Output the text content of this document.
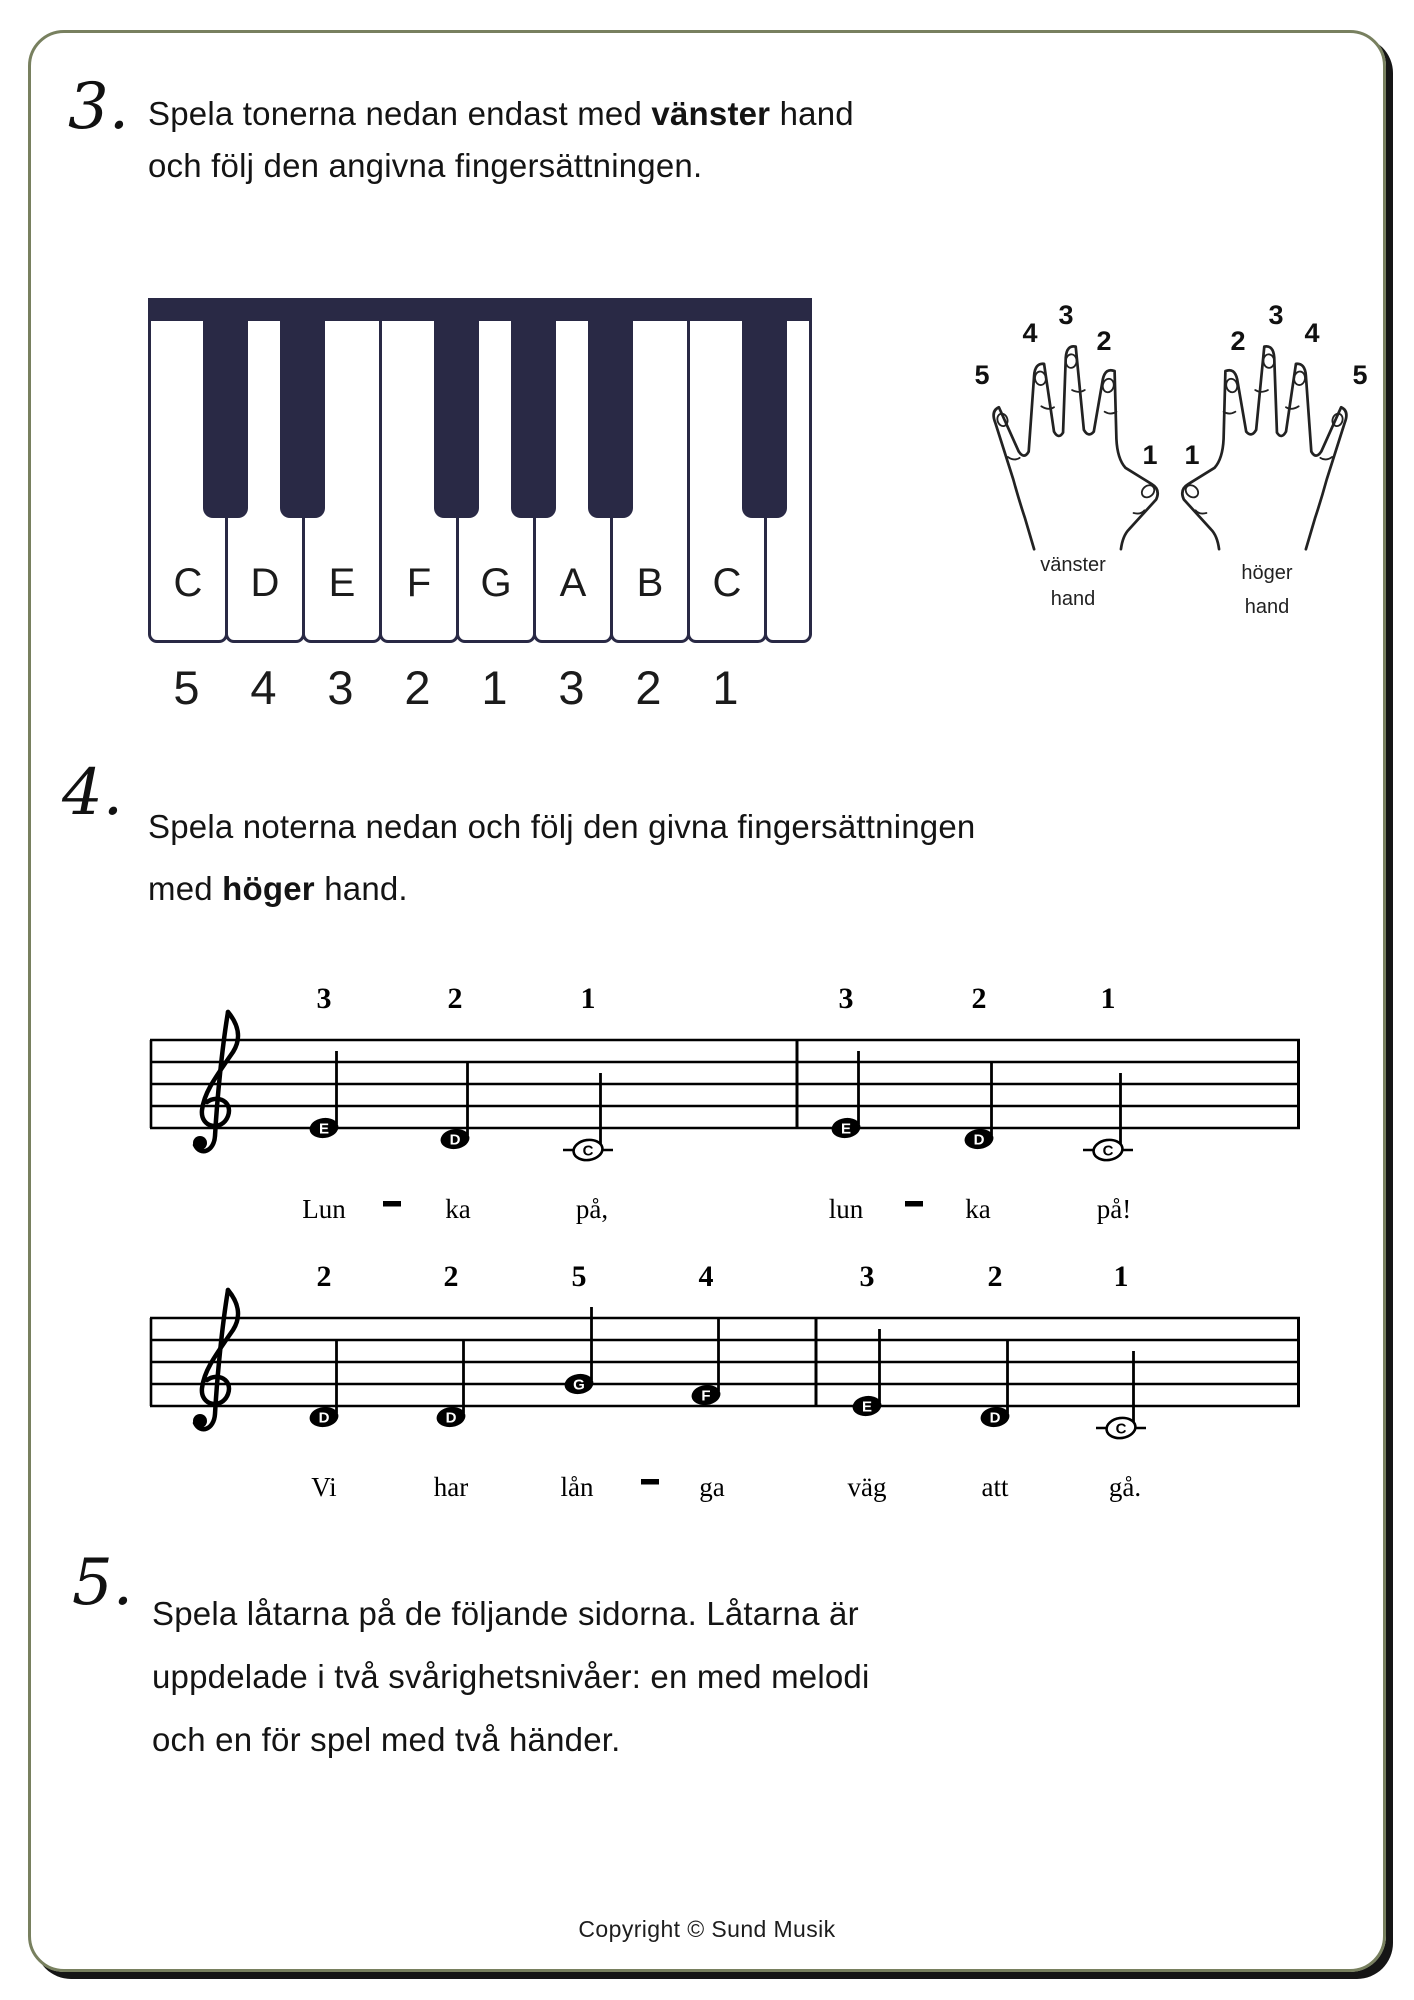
3. Spela tonerna nedan endast med vänster hand
och följ den angivna fingersättningen.
C	D	E	F	G	A	B	C	vänster
hand
höger
hand
4. Spela noterna nedan och följ den givna fingersättningen
med höger hand.
3
E
2
D
1
C
3
E
2
D
1
C
Lun	ka	på,	lun	ka	på!
2
D
2
D
5
G
4
F
3
E
2
D
1
C
Vi	har	lån	ga	väg	att	gå.
5. Spela låtarna på de följande sidorna. Låtarna är
uppdelade i två svårighetsnivåer: en med melodi
och en för spel med två händer.
Copyright © Sund Musik
5	4	3	2	1	3	2	1
5
4
3
2
1 1
2
3
4
5
